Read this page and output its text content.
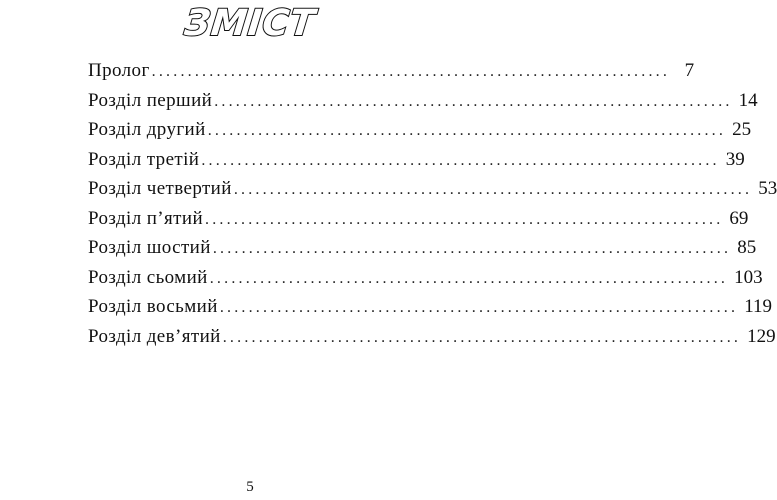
ЗМІСТ
Пролог ........................................................................ 7
Розділ перший ........................................................................ 14
Розділ другий ........................................................................ 25
Розділ третій ........................................................................ 39
Розділ четвертий ........................................................................ 53
Розділ п’ятий ........................................................................ 69
Розділ шостий ........................................................................ 85
Розділ сьомий ........................................................................ 103
Розділ восьмий ........................................................................ 119
Розділ дев’ятий ........................................................................ 129
5
